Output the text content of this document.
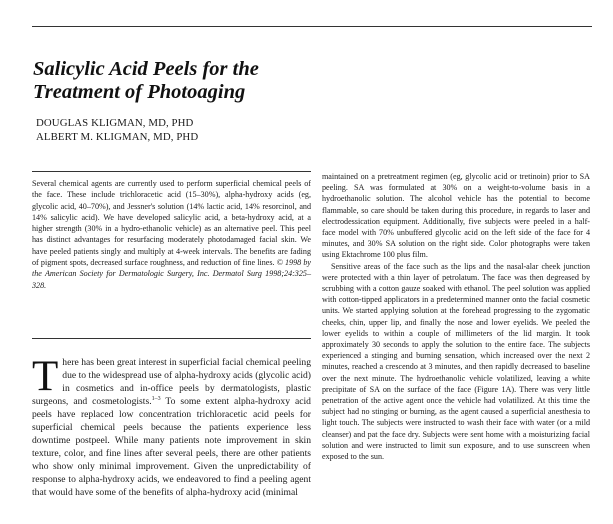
Salicylic Acid Peels for the
Treatment of Photoaging
DOUGLAS KLIGMAN, MD, PHD
ALBERT M. KLIGMAN, MD, PHD

Several chemical agents are currently used to perform superficial chemical peels of the face. These include trichloracetic acid (15–30%), alpha-hydroxy acids (eg, glycolic acid, 40–70%), and Jessner's solution (14% lactic acid, 14% resorcinol, and 14% salicylic acid). We have developed salicylic acid, a beta-hydroxy acid, at a higher strength (30% in a hydro-ethanolic vehicle) as an alternative peel. This peel has distinct advantages for resurfacing moderately photodamaged facial skin. We have peeled patients singly and multiply at 4-week intervals. The benefits are fading of pigment spots, decreased surface roughness, and reduction of fine lines. © 1998 by the American Society for Dermatologic Surgery, Inc. Dermatol Surg 1998;24:325–328.

There has been great interest in superficial facial chemical peeling due to the widespread use of alpha-hydroxy acids (glycolic acid) in cosmetics and in-office peels by dermatologists, plastic surgeons, and cosmetologists.$^{1-3}$ To some extent alpha-hydroxy acid peels have replaced low concentration trichloracetic acid peels for superficial chemical peels because the patients experience less downtime postpeel. While many patients note improvement in skin texture, color, and fine lines after several peels, there are other patients who show only minimal improvement. Given the unpredictability of response to alpha-hydroxy acids, we endeavored to find a peeling agent that would have some of the benefits of alpha-hydroxy acid (minimal

maintained on a pretreatment regimen (eg, glycolic acid or tretinoin) prior to SA peeling. SA was formulated at 30% on a weight-to-volume basis in a hydroethanolic solution. The alcohol vehicle has the potential to become flammable, so care should be taken during this procedure, in regards to laser and electrodessication equipment. Additionally, five subjects were peeled in a half-face model with 70% unbuffered glycolic acid on the left side of the face for 4 minutes, and 30% SA solution on the right side. Color photographs were taken using Ektachrome 100 plus film.

Sensitive areas of the face such as the lips and the nasal-alar cheek junction were protected with a thin layer of petrolatum. The face was then degreased by scrubbing with a cotton gauze soaked with ethanol. The peel solution was applied with cotton-tipped applicators in a predetermined manner onto the facial cosmetic units. We started applying solution at the forehead progressing to the zygomatic cheeks, chin, upper lip, and finally the nose and lower eyelids. We peeled the lower eyelids to within a couple of millimeters of the lid margin. It took approximately 30 seconds to apply the solution to the entire face. The subjects experienced a stinging and burning sensation, which increased over the next 2 minutes, reached a crescendo at 3 minutes, and then rapidly decreased to baseline over the next minute. The hydroethanolic vehicle volatilized, leaving a white precipitate of SA on the surface of the face (Figure 1A). There was very little penetration of the active agent once the vehicle had volatilized. At this time the subject had no stinging or burning, as the agent caused a superficial anesthesia to light touch. The subjects were instructed to wash their face with water (or a mild cleanser) and pat the face dry. Subjects were sent home with a moisturizing facial solution and were instructed to limit sun exposure, and to use sunscreen when exposed to the sun.
